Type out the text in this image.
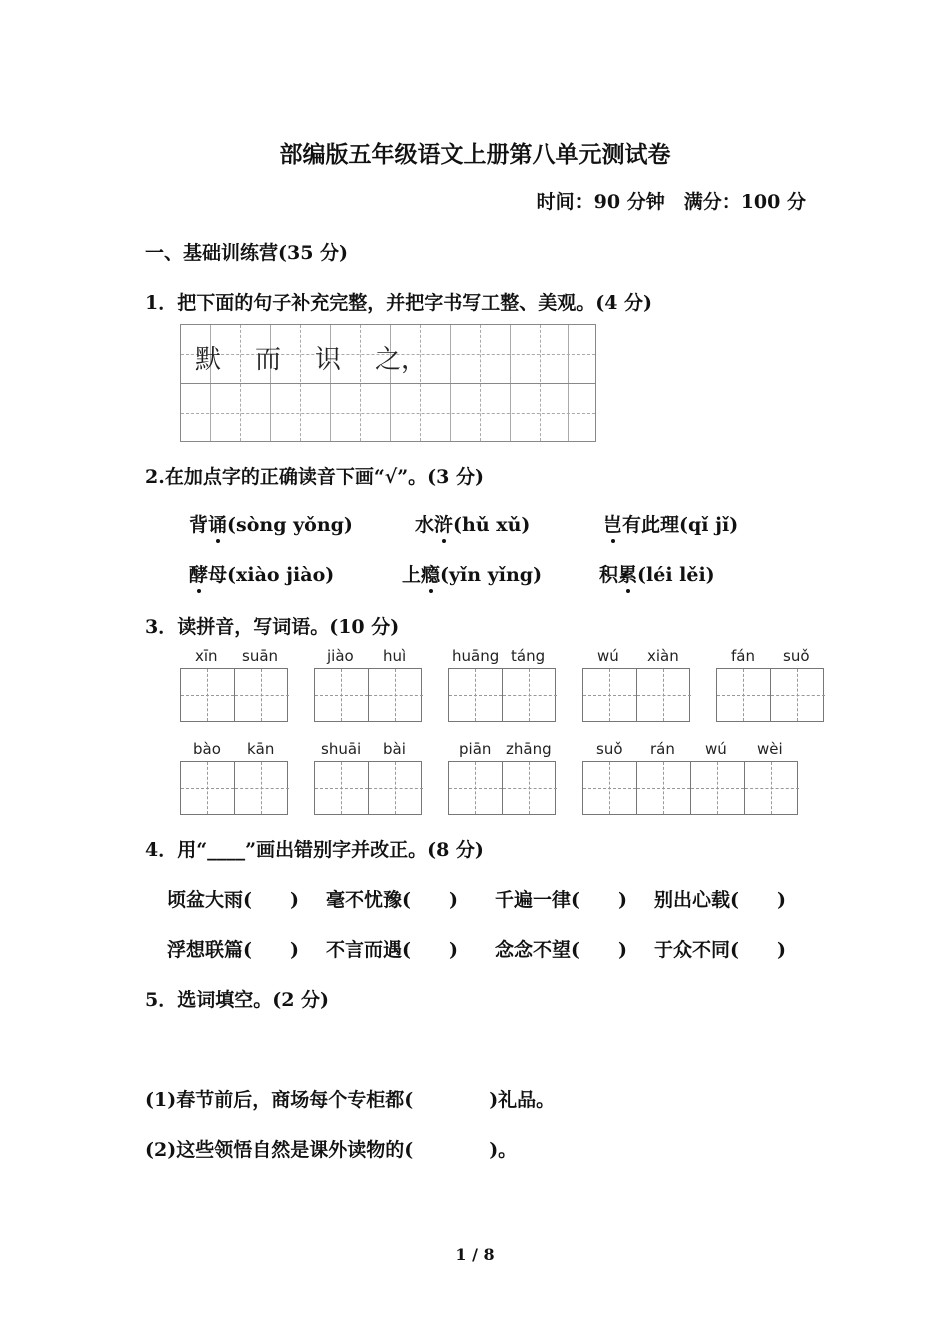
部编版五年级语文上册第八单元测试卷
时间：90 分钟　满分：100 分
一、基础训练营(35 分)
1．把下面的句子补充完整，并把字书写工整、美观。(4 分)
默 而 识 之，
2.在加点字的正确读音下画“√”。(3 分)
背诵(sòng yǒng)	水浒(hǔ xǔ)	岂有此理(qǐ jǐ)
酵母(xiào jiào)	上瘾(yǐn yǐng)	积累(léi lěi)
3．读拼音，写词语。(10 分)
xīn suān	jiào huì	huāng táng	wú xiàn	fán suǒ
bào kān	shuāi bài	piān zhāng	suǒ rán wú wèi
4．用“____”画出错别字并改正。(8 分)
顷盆大雨(　　) 毫不忧豫(　　) 千遍一律(　　) 别出心载(　　)
浮想联篇(　　) 不言而遇(　　) 念念不望(　　) 于众不同(　　)
5．选词填空。(2 分)
(1)春节前后，商场每个专柜都(　　　　)礼品。
(2)这些领悟自然是课外读物的(　　　　)。
1 / 8
